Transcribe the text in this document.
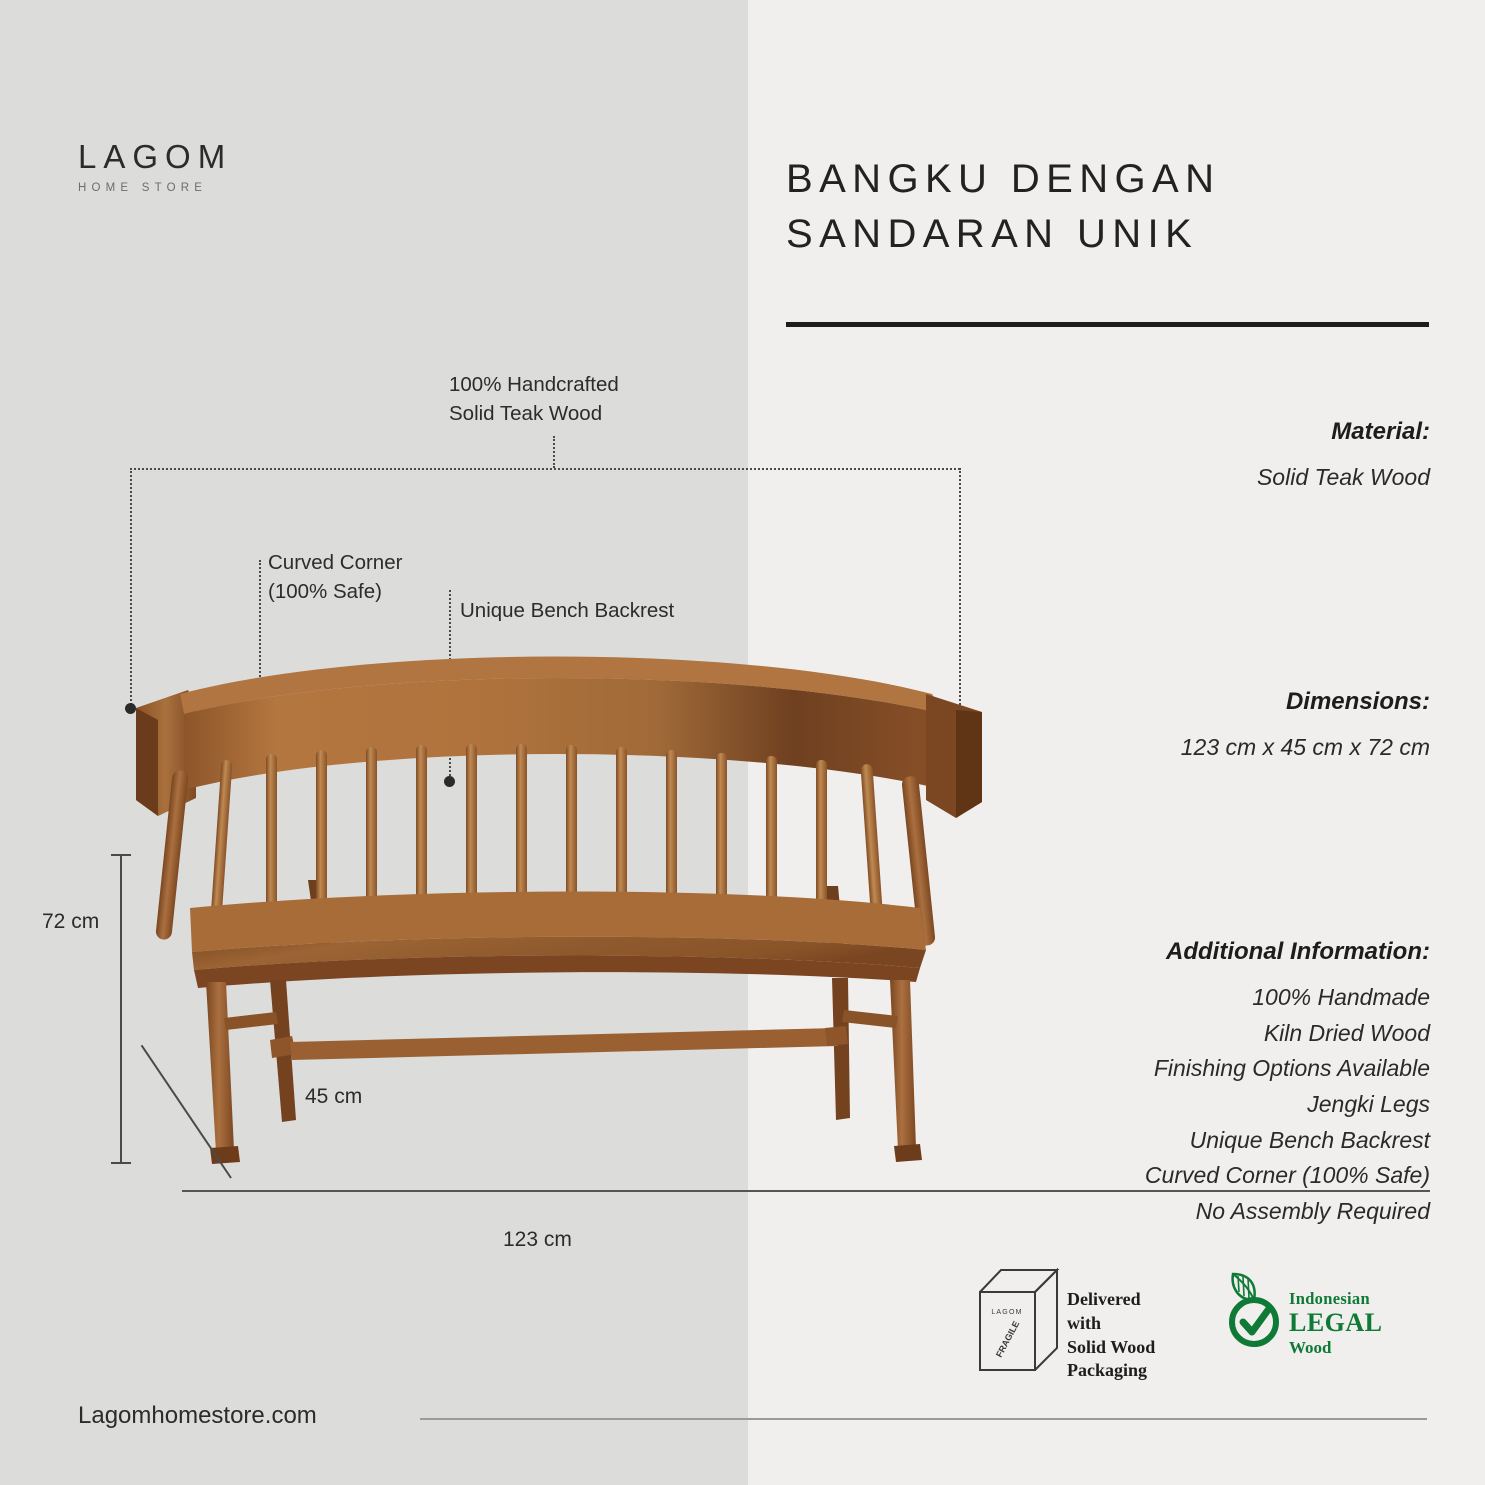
LAGOM
HOME STORE	BANGKU DENGAN
SANDARAN UNIK
Material:
Solid Teak Wood
Dimensions:
123 cm x 45 cm x 72 cm
Additional Information:
100% Handmade
Kiln Dried Wood
Finishing Options Available
Jengki Legs
Unique Bench Backrest
Curved Corner (100% Safe)
No Assembly Required
100% Handcrafted
Solid Teak Wood
Curved Corner
(100% Safe)
Unique Bench Backrest
72 cm
123 cm
45 cm
LAGOM
FRAGILE
Delivered with
Solid Wood
Packaging
Indonesian
LEGAL
Wood
Lagomhomestore.com
